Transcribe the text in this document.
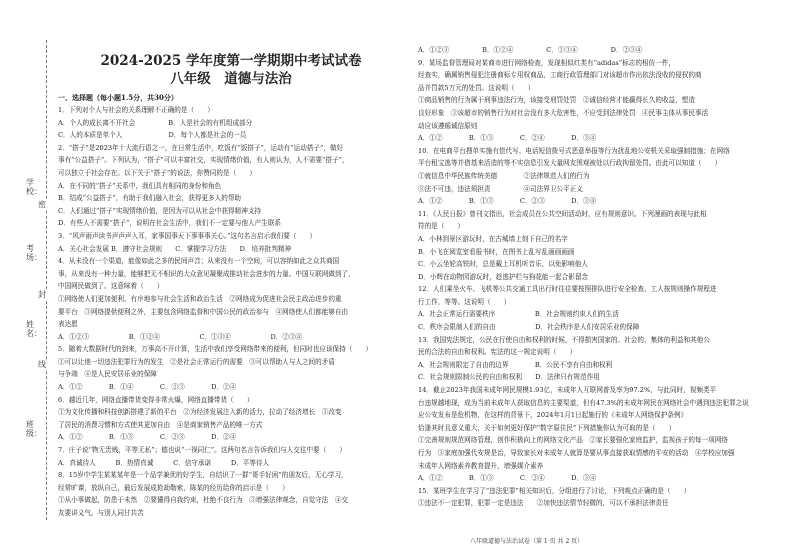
学校：
考场：
姓名：
班级：
密
封
线
2024-2025 学年度第一学期期中考试试卷
八年级　道德与法治
一、选择题（每小题1.5分，共30分）
1．下列对个人与社会的关系理解不正确的是（　　）
A．个人的成长离不开社会　　　　　B．人是社会的有机组成部分
C．人的本质是单个人　　　　　　　D．每个人都是社会的一员
2．“搭子”是2023年十大流行语之一，在日常生活中，吃饭有“饭搭子”，运动有“运动搭子”，做好
事有“公益搭子”。下列认为，“搭子”可以丰富社交，实现情绪价值，有人则认为，人不需要“搭子”，
可以独立于社会存在。以下关于“搭子”的说法，你赞同的是（　　）
A．在不同的“搭子”关系中，我们具有相同的身份和角色
B．结成“公益搭子”，有助于我们融入社会，获得更多人的帮助
C．人们通过“搭子”实现情绪价值，是因为可以从社会中获得精神支持
D．有些人不需要“搭子”，说明在社会生活中，我们不一定要与他人产生联系
3．“风声雨声读书声声声入耳，家事国事天下事事事关心。”这句名言启示我们要（　　）
A．关心社会发展 B．遵守社会规则　　C．掌握学习方法　　D．培养批判精神
4．从未没有一个渠道，能像如此之多的民间声音；从来没有一个空间，可以容纳如此之众共商国
事，从来没有一种力量，能够把无不相识的大众意见凝聚成推动社会进步的力量。中国互联网做到了，
中国网民做到了。这意味着（　　）
①网络使人们更加便利、有序地参与社会生活和政治生活　②网络成为促进社会民主政治进步的重
要平台　③网络提供便利之外，主要包含网络监督和中国公民的政治参与　④网络使人们都能够自由
表达愿
A．①②③　　　　　　B．①②④　　　　　　C．①③④　　　　　　D．②③④
5．随着大数据时代的到来，万事高不开计算，生活中我们享受网络带来的便利，但同时也应该保持（　　）
①可以让他一切违法犯罪行为的发生　②是社会正常运行的需要　③可以帮助人与人之间的矛盾
与争端　④是人民安居乐业的保障
A．①②　　　　B．①④　　　　C．②③　　　　D．②④
6．越近几年，网络直播带货变得非常火爆，网络直播带货（　　）
①为文化传播和科技创新搭建了新的平台　②为经济发展注入新的活力，拉动了经济增长　③改变
了居民的消费习惯和方式使其更加自由　④是商家销售产品的唯一方式
A．①②　　　　B．①③　　　　C．②③　　　　D．②④
7．庄子说“物无贵贱，平等无私”；德也说“一视同仁”。这两句名言告诉我们与人交往中要（　　）
A．真诚待人　　　B．热情真诚　　　C．信守承诺　　　D．平等待人
8．15岁中学生某某某年是一个品学兼优的好学生，自结识了一群“哥手好闲”的朋友后，无心学习，
经常旷课，放纵自己，最后发展成抢劫勒索，陈某的经历给你的启示是（　　）
①从小事做起，防患于未然　②要懂得自我约束，杜绝不良行为　③增强法律观念，自觉守法　④交
友要讲义气，与别人同甘共苦
A．①②③　　　　　B．①②④　　　　　C．①③④　　　　　D．②③④
9．某场监督管理局对某商市进行网络检查，发现相似红类有“adidas”标志的相仿一件，
经查实，确属销售侵犯注册商标专用权商品，工商行政管理部门对该超市作出依法没收的侵权的商
品并罚款5万元的处罚。这说明（　　）
①商品销售的行为属于刑事违法行为，该接受刑罚处罚　②诚信经营才能赢得长久的收益，塑造
良好形象　③该超市的销售行为对社会没有多大危害性，不应受到法律处罚　④民事主体从事民事活
动应该遵循诚信原则
A．①②　　　　B．①③　　　　C．②④　　　　D．③④
10．在电商平台搜单实施有偿代写、电话短信拨号式恶意举报等行为扰乱地公安机关采取强制措施；在网络
平台租宝逃等并借基来活造的等不实信息引发大量网友围观被处以行政拘留处罚。由此可以知道（　　）
①就信息中华民族传统美德　　　　②法律规范人们的行为
③法不可违，违法须担责　　　　　④司法界卫公平正义
A．①②　　　　B．①③　　　　C．②③　　　　D．③④
11．《人民日报》曾刊文指出，社会成员在公共空间活动时，应有规则意识。下列漫画的表现与此相
符的是（　　）
A．小林到景区游玩时，在古城墙上刻下自己的名字
B．小飞在阅览室看报书时，在图书上乱写乱画画画画
C．小云坐轮高铁时，总是戴上耳机听音乐，以免影响他人
D．小辉在动物园游玩时，趁逃护栏与狗花能一起合影留念
12．人们乘坐火车、飞机等公共交通工具出行时往往要按照排队进行安全检查、工人按规则操作规程进
行工作，等等。这说明（　　）
A．社会正常运行需要秩序　　　　　　B．社会规则约束人们的生活
C．秩序会限制人们的自由　　　　　　D．社会秩序是人们安居乐业的保障
13．我国宪法规定，公民在行使自由和权利的时候，不得损害国家的、社会的、集体的利益和其他公
民的合法的自由和权利。宪法的这一规定说明（　　）
A．社会规则限定了自由的边界　　　　B．公民不享有自由和权利
C．社会规则限制公民的自由和权利　　D．法律只有规范作用
14．截止2023年我国未成年网民规模1.93亿，未成年人互联网普及率为97.2%，与此同时，视频类平
台违规越地现，成为当前未成年人获取信息的主要渠道，但有47.3%的未成年网民在网络社会中遇到违法犯罪之说
应公安发布是危机物，在这样的背景下，2024年1月1日起施行的《未成年人网络保护条例》
恰逢其时且意义重大，关于如何更好保护“数字原住民”下列措施你认为可取的是（　　）
①完善规则规范网络管理，创作积极向上的网络文化产品　②家长要强化家庭监护，监视孩子的每一项网络
行为　③家庭加强代安规是治，导致家长对未成年人就算是要从事直接获取情感的平安的活动　④学校应加强
未成年人网络素养教育提升，增强媒介素养
A．①②　　　　B．①③　　　　C．②④　　　　D．③④
15．某班学生在学习了“违法犯罪”相关知识后，分组进行了讨论，下列观点正确的是（　　）
①违法不一定犯罪，犯罪一定是违法　　②加快违法情节轻微的，可以不承担法律责任
八年级道德与法治试卷（第 1 页 共 2 页）
